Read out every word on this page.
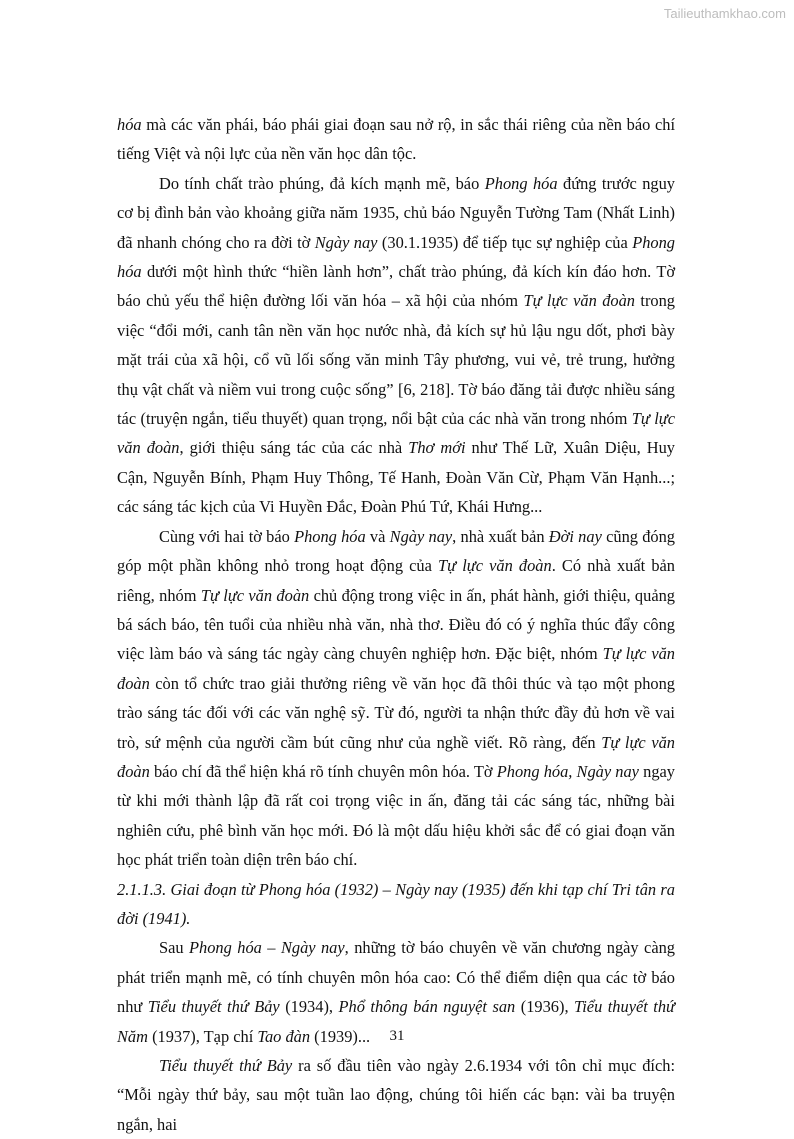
Tailieuthamkhao.com

hóa mà các văn phái, báo phái giai đoạn sau nở rộ, in sắc thái riêng của nền báo chí tiếng Việt và nội lực của nền văn học dân tộc.

Do tính chất trào phúng, đả kích mạnh mẽ, báo Phong hóa đứng trước nguy cơ bị đình bản vào khoảng giữa năm 1935, chủ báo Nguyễn Tường Tam (Nhất Linh) đã nhanh chóng cho ra đời tờ Ngày nay (30.1.1935) để tiếp tục sự nghiệp của Phong hóa dưới một hình thức “hiền lành hơn”, chất trào phúng, đả kích kín đáo hơn. Tờ báo chủ yếu thể hiện đường lối văn hóa – xã hội của nhóm Tự lực văn đoàn trong việc “đổi mới, canh tân nền văn học nước nhà, đả kích sự hủ lậu ngu dốt, phơi bày mặt trái của xã hội, cổ vũ lối sống văn minh Tây phương, vui vẻ, trẻ trung, hưởng thụ vật chất và niềm vui trong cuộc sống” [6, 218]. Tờ báo đăng tải được nhiều sáng tác (truyện ngắn, tiểu thuyết) quan trọng, nổi bật của các nhà văn trong nhóm Tự lực văn đoàn, giới thiệu sáng tác của các nhà Thơ mới như Thế Lữ, Xuân Diệu, Huy Cận, Nguyễn Bính, Phạm Huy Thông, Tế Hanh, Đoàn Văn Cừ, Phạm Văn Hạnh...; các sáng tác kịch của Vi Huyền Đắc, Đoàn Phú Tứ, Khái Hưng...

Cùng với hai tờ báo Phong hóa và Ngày nay, nhà xuất bản Đời nay cũng đóng góp một phần không nhỏ trong hoạt động của Tự lực văn đoàn. Có nhà xuất bản riêng, nhóm Tự lực văn đoàn chủ động trong việc in ấn, phát hành, giới thiệu, quảng bá sách báo, tên tuổi của nhiều nhà văn, nhà thơ. Điều đó có ý nghĩa thúc đẩy công việc làm báo và sáng tác ngày càng chuyên nghiệp hơn. Đặc biệt, nhóm Tự lực văn đoàn còn tổ chức trao giải thưởng riêng về văn học đã thôi thúc và tạo một phong trào sáng tác đối với các văn nghệ sỹ. Từ đó, người ta nhận thức đầy đủ hơn về vai trò, sứ mệnh của người cầm bút cũng như của nghề viết. Rõ ràng, đến Tự lực văn đoàn báo chí đã thể hiện khá rõ tính chuyên môn hóa. Tờ Phong hóa, Ngày nay ngay từ khi mới thành lập đã rất coi trọng việc in ấn, đăng tải các sáng tác, những bài nghiên cứu, phê bình văn học mới. Đó là một dấu hiệu khởi sắc để có giai đoạn văn học phát triển toàn diện trên báo chí.

2.1.1.3. Giai đoạn từ Phong hóa (1932) – Ngày nay (1935) đến khi tạp chí Tri tân ra đời (1941).

Sau Phong hóa – Ngày nay, những tờ báo chuyên về văn chương ngày càng phát triển mạnh mẽ, có tính chuyên môn hóa cao: Có thể điểm diện qua các tờ báo như Tiểu thuyết thứ Bảy (1934), Phổ thông bán nguyệt san (1936), Tiểu thuyết thứ Năm (1937), Tạp chí Tao đàn (1939)...

Tiểu thuyết thứ Bảy ra số đầu tiên vào ngày 2.6.1934 với tôn chỉ mục đích: “Mỗi ngày thứ bảy, sau một tuần lao động, chúng tôi hiến các bạn: vài ba truyện ngắn, hai

31
